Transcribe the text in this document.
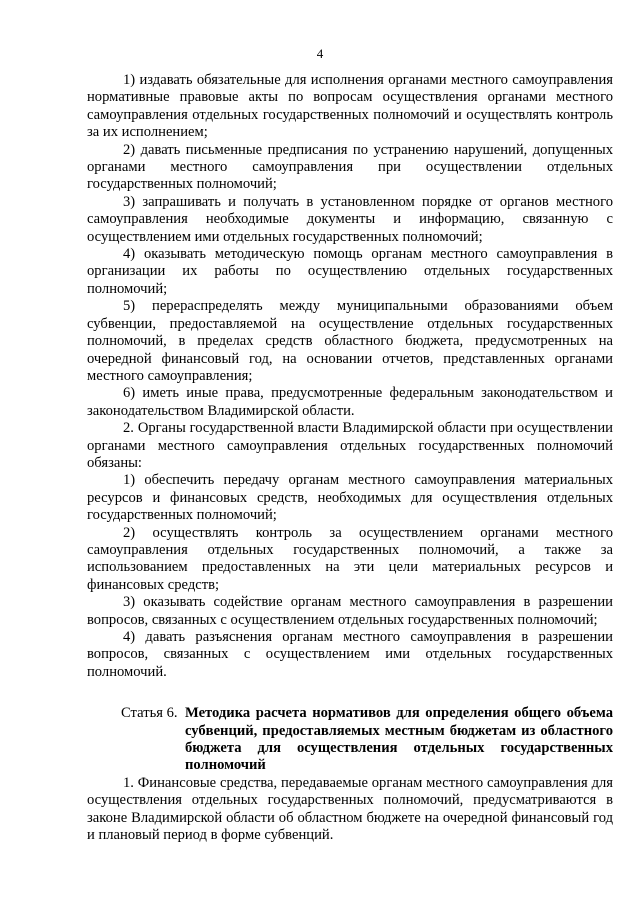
4

1) издавать обязательные для исполнения органами местного самоуправления нормативные правовые акты по вопросам осуществления органами местного самоуправления отдельных государственных полномочий и осуществлять контроль за их исполнением;

2) давать письменные предписания по устранению нарушений, допущенных органами местного самоуправления при осуществлении отдельных государственных полномочий;

3) запрашивать и получать в установленном порядке от органов местного самоуправления необходимые документы и информацию, связанную с осуществлением ими отдельных государственных полномочий;

4) оказывать методическую помощь органам местного самоуправления в организации их работы по осуществлению отдельных государственных полномочий;

5) перераспределять между муниципальными образованиями объем субвенции, предоставляемой на осуществление отдельных государственных полномочий, в пределах средств областного бюджета, предусмотренных на очередной финансовый год, на основании отчетов, представленных органами местного самоуправления;

6) иметь иные права, предусмотренные федеральным законодательством и законодательством Владимирской области.

2. Органы государственной власти Владимирской области при осуществлении органами местного самоуправления отдельных государственных полномочий обязаны:

1) обеспечить передачу органам местного самоуправления материальных ресурсов и финансовых средств, необходимых для осуществления отдельных государственных полномочий;

2) осуществлять контроль за осуществлением органами местного самоуправления отдельных государственных полномочий, а также за использованием предоставленных на эти цели материальных ресурсов и финансовых средств;

3) оказывать содействие органам местного самоуправления в разрешении вопросов, связанных с осуществлением отдельных государственных полномочий;

4) давать разъяснения органам местного самоуправления в разрешении вопросов, связанных с осуществлением ими отдельных государственных полномочий.

Статья 6. Методика расчета нормативов для определения общего объема субвенций, предоставляемых местным бюджетам из областного бюджета для осуществления отдельных государственных полномочий

1. Финансовые средства, передаваемые органам местного самоуправления для осуществления отдельных государственных полномочий, предусматриваются в законе Владимирской области об областном бюджете на очередной финансовый год и плановый период в форме субвенций.
